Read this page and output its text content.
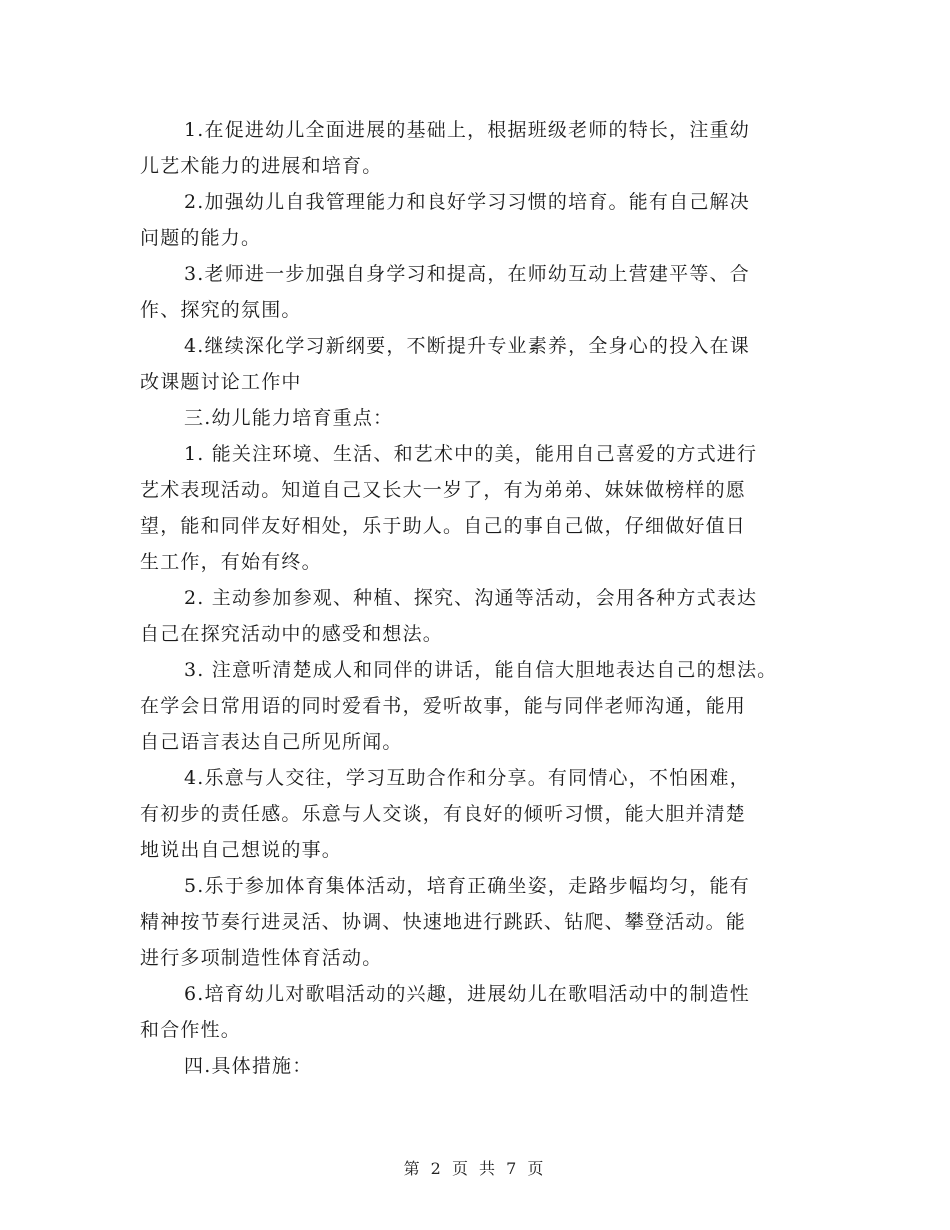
1.在促进幼儿全面进展的基础上，根据班级老师的特长，注重幼
儿艺术能力的进展和培育。
2.加强幼儿自我管理能力和良好学习习惯的培育。能有自己解决
问题的能力。
3.老师进一步加强自身学习和提高，在师幼互动上营建平等、合
作、探究的氛围。
4.继续深化学习新纲要，不断提升专业素养，全身心的投入在课
改课题讨论工作中
三.幼儿能力培育重点：
1. 能关注环境、生活、和艺术中的美，能用自己喜爱的方式进行
艺术表现活动。知道自己又长大一岁了，有为弟弟、妹妹做榜样的愿
望，能和同伴友好相处，乐于助人。自己的事自己做，仔细做好值日
生工作，有始有终。
2. 主动参加参观、种植、探究、沟通等活动，会用各种方式表达
自己在探究活动中的感受和想法。
3. 注意听清楚成人和同伴的讲话，能自信大胆地表达自己的想法。
在学会日常用语的同时爱看书，爱听故事，能与同伴老师沟通，能用
自己语言表达自己所见所闻。
4.乐意与人交往，学习互助合作和分享。有同情心，不怕困难，
有初步的责任感。乐意与人交谈，有良好的倾听习惯，能大胆并清楚
地说出自己想说的事。
5.乐于参加体育集体活动，培育正确坐姿，走路步幅均匀，能有
精神按节奏行进灵活、协调、快速地进行跳跃、钻爬、攀登活动。能
进行多项制造性体育活动。
6.培育幼儿对歌唱活动的兴趣，进展幼儿在歌唱活动中的制造性
和合作性。
四.具体措施：
第 2 页 共 7 页
